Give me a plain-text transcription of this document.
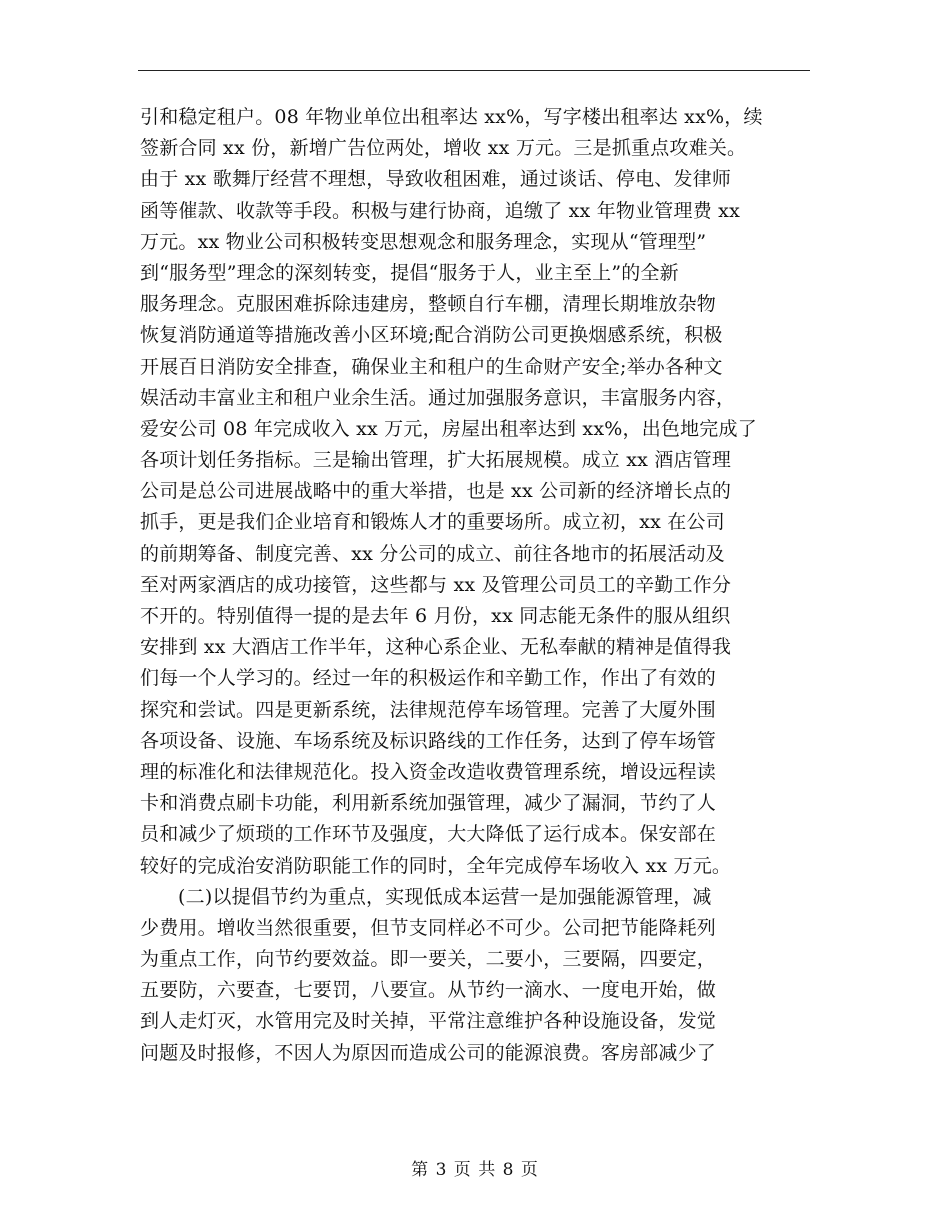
引和稳定租户。08 年物业单位出租率达 xx%，写字楼出租率达 xx%，续
签新合同 xx 份，新增广告位两处，增收 xx 万元。三是抓重点攻难关。
由于 xx 歌舞厅经营不理想，导致收租困难，通过谈话、停电、发律师
函等催款、收款等手段。积极与建行协商，追缴了 xx 年物业管理费 xx
万元。xx 物业公司积极转变思想观念和服务理念，实现从“管理型”
到“服务型”理念的深刻转变，提倡“服务于人，业主至上”的全新
服务理念。克服困难拆除违建房，整顿自行车棚，清理长期堆放杂物
恢复消防通道等措施改善小区环境;配合消防公司更换烟感系统，积极
开展百日消防安全排查，确保业主和租户的生命财产安全;举办各种文
娱活动丰富业主和租户业余生活。通过加强服务意识，丰富服务内容，
爱安公司 08 年完成收入 xx 万元，房屋出租率达到 xx%，出色地完成了
各项计划任务指标。三是输出管理，扩大拓展规模。成立 xx 酒店管理
公司是总公司进展战略中的重大举措，也是 xx 公司新的经济增长点的
抓手，更是我们企业培育和锻炼人才的重要场所。成立初，xx 在公司
的前期筹备、制度完善、xx 分公司的成立、前往各地市的拓展活动及
至对两家酒店的成功接管，这些都与 xx 及管理公司员工的辛勤工作分
不开的。特别值得一提的是去年 6 月份，xx 同志能无条件的服从组织
安排到 xx 大酒店工作半年，这种心系企业、无私奉献的精神是值得我
们每一个人学习的。经过一年的积极运作和辛勤工作，作出了有效的
探究和尝试。四是更新系统，法律规范停车场管理。完善了大厦外围
各项设备、设施、车场系统及标识路线的工作任务，达到了停车场管
理的标准化和法律规范化。投入资金改造收费管理系统，增设远程读
卡和消费点刷卡功能，利用新系统加强管理，减少了漏洞，节约了人
员和减少了烦琐的工作环节及强度，大大降低了运行成本。保安部在
较好的完成治安消防职能工作的同时，全年完成停车场收入 xx 万元。
(二)以提倡节约为重点，实现低成本运营一是加强能源管理，减
少费用。增收当然很重要，但节支同样必不可少。公司把节能降耗列
为重点工作，向节约要效益。即一要关，二要小，三要隔，四要定，
五要防，六要查，七要罚，八要宣。从节约一滴水、一度电开始，做
到人走灯灭，水管用完及时关掉，平常注意维护各种设施设备，发觉
问题及时报修，不因人为原因而造成公司的能源浪费。客房部减少了
第 3 页 共 8 页
